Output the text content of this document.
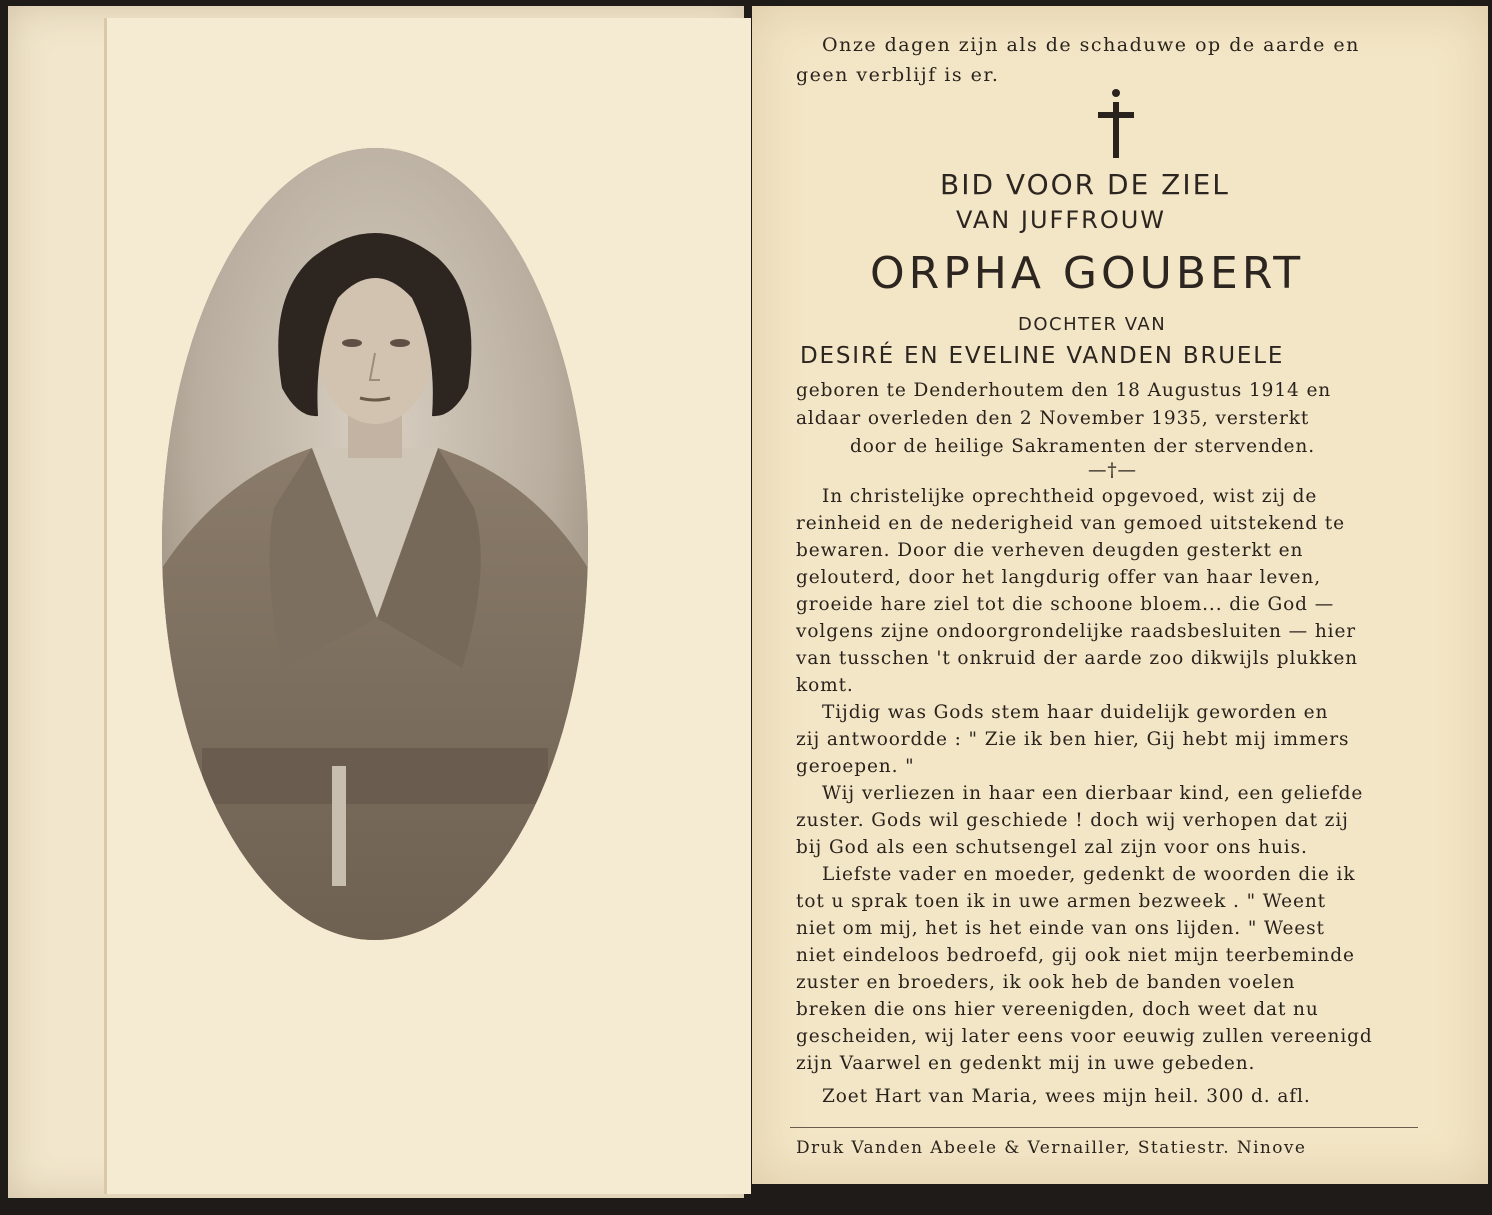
Onze dagen zijn als de schaduwe op de aarde en
geen verblijf is er.
BID VOOR DE ZIEL
VAN JUFFROUW
ORPHA GOUBERT
DOCHTER VAN
DESIRÉ EN EVELINE VANDEN BRUELE
geboren te Denderhoutem den 18 Augustus 1914 en
aldaar overleden den 2 November 1935, versterkt
door de heilige Sakramenten der stervenden.
—†—
In christelijke oprechtheid opgevoed, wist zij de
reinheid en de nederigheid van gemoed uitstekend te
bewaren. Door die verheven deugden gesterkt en
gelouterd, door het langdurig offer van haar leven,
groeide hare ziel tot die schoone bloem... die God —
volgens zijne ondoorgrondelijke raadsbesluiten — hier
van tusschen 't onkruid der aarde zoo dikwijls plukken
komt.
Tijdig was Gods stem haar duidelijk geworden en
zij antwoordde : " Zie ik ben hier, Gij hebt mij immers
geroepen. "
Wij verliezen in haar een dierbaar kind, een geliefde
zuster. Gods wil geschiede ! doch wij verhopen dat zij
bij God als een schutsengel zal zijn voor ons huis.
Liefste vader en moeder, gedenkt de woorden die ik
tot u sprak toen ik in uwe armen bezweek . " Weent
niet om mij, het is het einde van ons lijden. " Weest
niet eindeloos bedroefd, gij ook niet mijn teerbeminde
zuster en broeders, ik ook heb de banden voelen
breken die ons hier vereenigden, doch weet dat nu
gescheiden, wij later eens voor eeuwig zullen vereenigd
zijn Vaarwel en gedenkt mij in uwe gebeden.
Zoet Hart van Maria, wees mijn heil. 300 d. afl.
Druk Vanden Abeele & Vernailler, Statiestr. Ninove
